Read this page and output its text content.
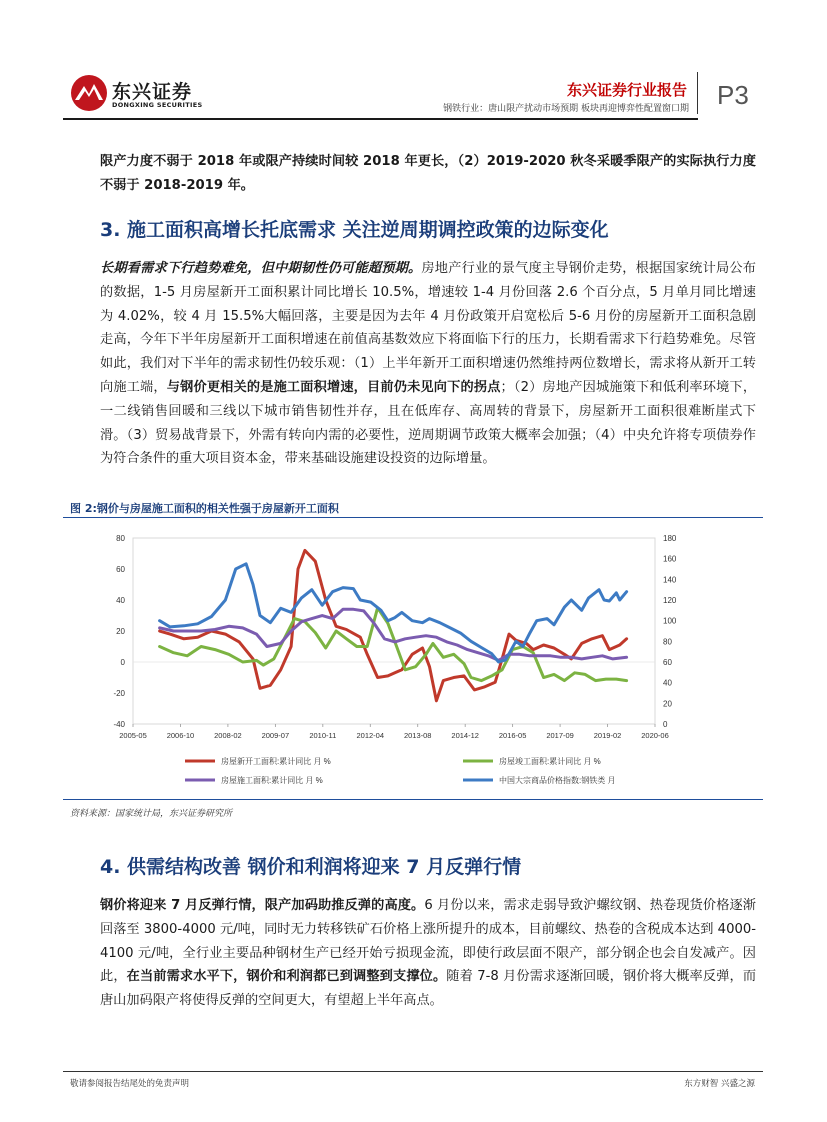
东兴证券
DONGXING SECURITIES
东兴证券行业报告
钢铁行业：唐山限产扰动市场预期 板块再迎博弈性配置窗口期 P3

限产力度不弱于 2018 年或限产持续时间较 2018 年更长，（2）2019-2020 秋冬采暖季限产的实际执行力度不弱于 2018-2019 年。

3. 施工面积高增长托底需求 关注逆周期调控政策的边际变化

长期看需求下行趋势难免，但中期韧性仍可能超预期。房地产行业的景气度主导钢价走势，根据国家统计局公布的数据，1-5 月房屋新开工面积累计同比增长 10.5%，增速较 1-4 月份回落 2.6 个百分点，5 月单月同比增速为 4.02%，较 4 月 15.5%大幅回落，主要是因为去年 4 月份政策开启宽松后 5-6 月份的房屋新开工面积急剧走高，今年下半年房屋新开工面积增速在前值高基数效应下将面临下行的压力，长期看需求下行趋势难免。尽管如此，我们对下半年的需求韧性仍较乐观：（1）上半年新开工面积增速仍然维持两位数增长，需求将从新开工转向施工端，与钢价更相关的是施工面积增速，目前仍未见向下的拐点；（2）房地产因城施策下和低利率环境下，一二线销售回暖和三线以下城市销售韧性并存，且在低库存、高周转的背景下，房屋新开工面积很难断崖式下滑。（3）贸易战背景下，外需有转向内需的必要性，逆周期调节政策大概率会加强；（4）中央允许将专项债券作为符合条件的重大项目资本金，带来基础设施建设投资的边际增量。

图 2:钢价与房屋施工面积的相关性强于房屋新开工面积
80
60
40
20
0
-20
-40
180
160
140
120
100
80
60
40
20
0
2005-05	2006-10	2008-02	2009-07	2010-11	2012-04	2013-08	2014-12	2016-05	2017-09	2019-02	2020-06
房屋新开工面积:累计同比 月 %	房屋竣工面积:累计同比 月 %
房屋施工面积:累计同比 月 %	中国大宗商品价格指数:钢铁类 月
资料来源：国家统计局，东兴证券研究所
4. 供需结构改善 钢价和利润将迎来 7 月反弹行情

钢价将迎来 7 月反弹行情，限产加码助推反弹的高度。6 月份以来，需求走弱导致沪螺纹钢、热卷现货价格逐渐回落至 3800-4000 元/吨，同时无力转移铁矿石价格上涨所提升的成本，目前螺纹、热卷的含税成本达到 4000-4100 元/吨，全行业主要品种钢材生产已经开始亏损现金流，即使行政层面不限产，部分钢企也会自发减产。因此，在当前需求水平下，钢价和利润都已到调整到支撑位。随着 7-8 月份需求逐渐回暖，钢价将大概率反弹，而唐山加码限产将使得反弹的空间更大，有望超上半年高点。

敬请参阅报告结尾处的免责声明	东方财智 兴盛之源
